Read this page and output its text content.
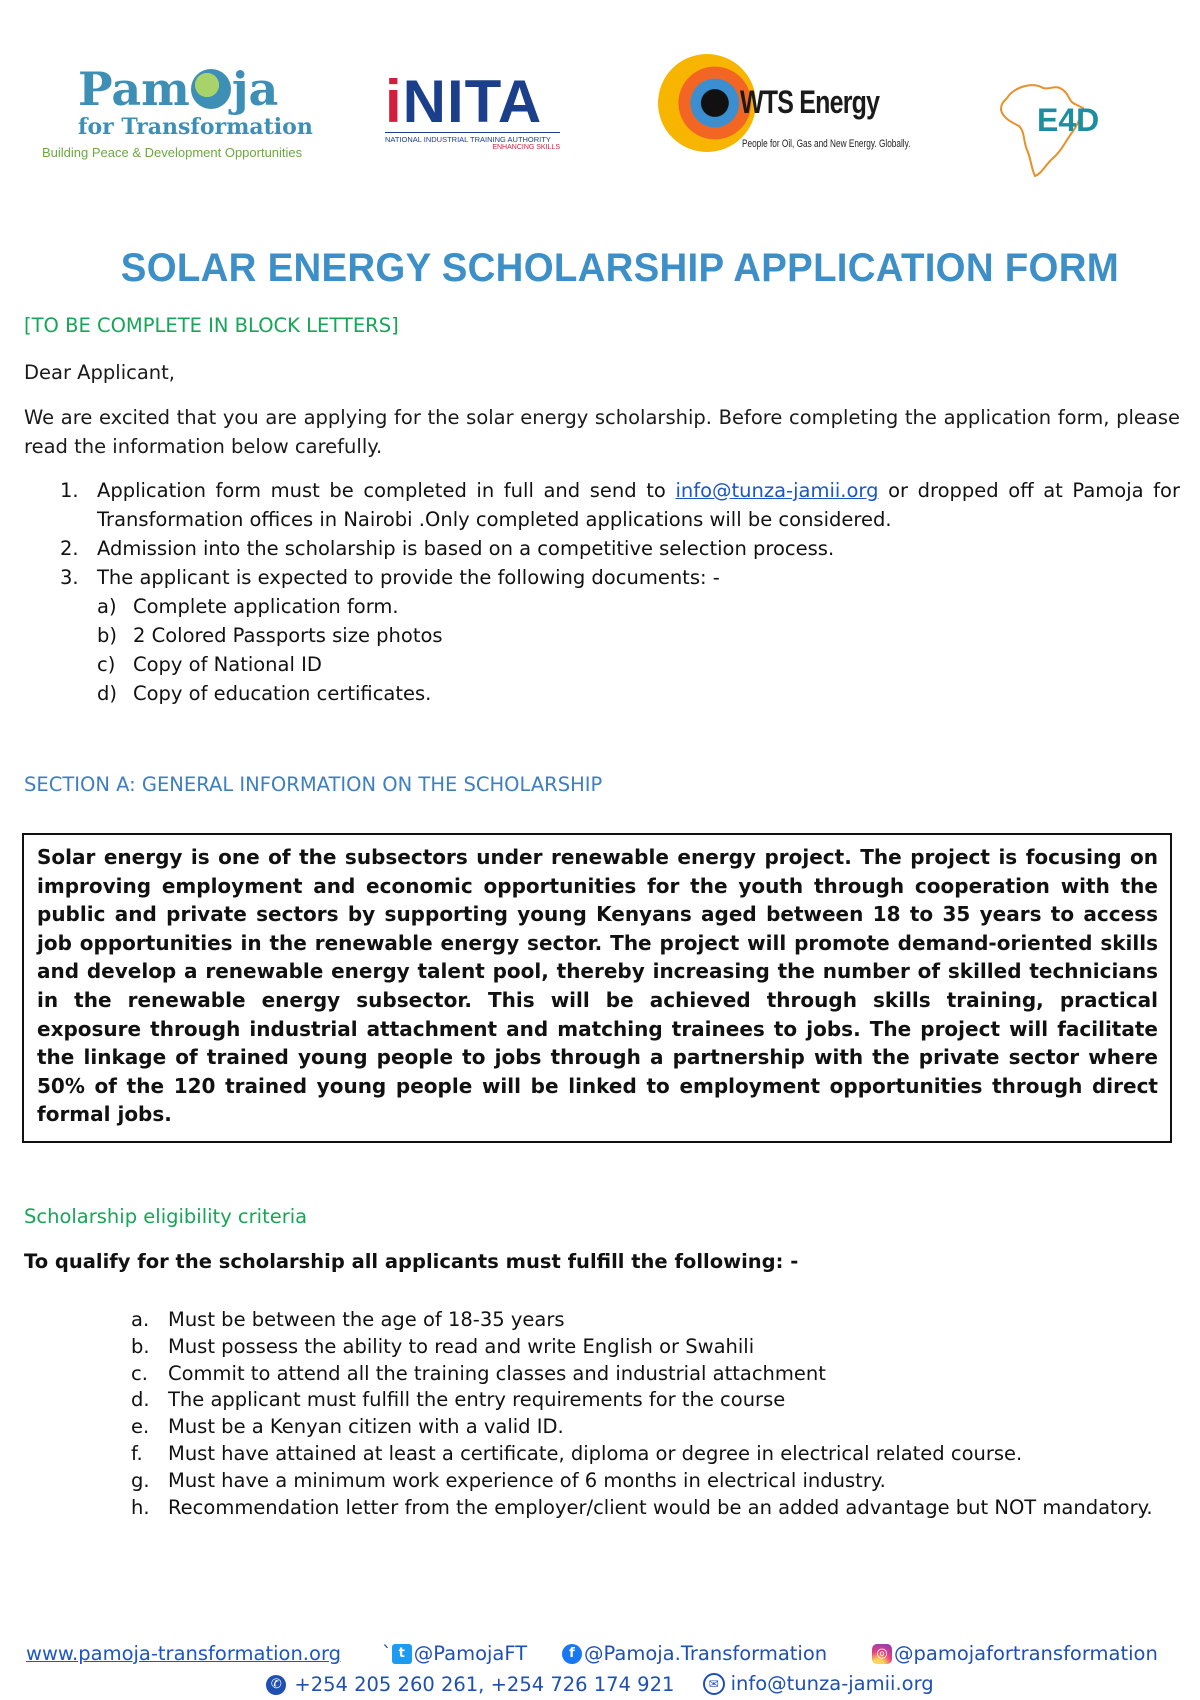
Pam ja
for Transformation
Building Peace & Development Opportunities
iNITA
NATIONAL INDUSTRIAL TRAINING AUTHORITY
ENHANCING SKILLS
WTS Energy
People for Oil, Gas and New Energy. Globally.
E4D
SOLAR ENERGY SCHOLARSHIP APPLICATION FORM
[TO BE COMPLETE IN BLOCK LETTERS]
Dear Applicant,
We are excited that you are applying for the solar energy scholarship. Before completing the application form, please read the information below carefully.
1. Application form must be completed in full and send to info@tunza-jamii.org or dropped off at Pamoja for Transformation offices in Nairobi .Only completed applications will be considered.
2. Admission into the scholarship is based on a competitive selection process.
3. The applicant is expected to provide the following documents: -
a) Complete application form.
b) 2 Colored Passports size photos
c) Copy of National ID
d) Copy of education certificates.
SECTION A: GENERAL INFORMATION ON THE SCHOLARSHIP

Solar energy is one of the subsectors under renewable energy project. The project is focusing on improving employment and economic opportunities for the youth through cooperation with the public and private sectors by supporting young Kenyans aged between 18 to 35 years to access job opportunities in the renewable energy sector. The project will promote demand-oriented skills and develop a renewable energy talent pool, thereby increasing the number of skilled technicians in the renewable energy subsector. This will be achieved through skills training, practical exposure through industrial attachment and matching trainees to jobs. The project will facilitate the linkage of trained young people to jobs through a partnership with the private sector where 50% of the 120 trained young people will be linked to employment opportunities through direct formal jobs.

Scholarship eligibility criteria
To qualify for the scholarship all applicants must fulfill the following: -
a. Must be between the age of 18-35 years
b. Must possess the ability to read and write English or Swahili
c. Commit to attend all the training classes and industrial attachment
d. The applicant must fulfill the entry requirements for the course
e. Must be a Kenyan citizen with a valid ID.
f. Must have attained at least a certificate, diploma or degree in electrical related course.
g. Must have a minimum work experience of 6 months in electrical industry.
h. Recommendation letter from the employer/client would be an added advantage but NOT mandatory.
www.pamoja-transformation.org ` t @PamojaFT	f @Pamoja.Transformation	◎ @pamojafortransformation
✆ +254 205 260 261, +254 726 174 921
	✉ info@tunza-jamii.org
